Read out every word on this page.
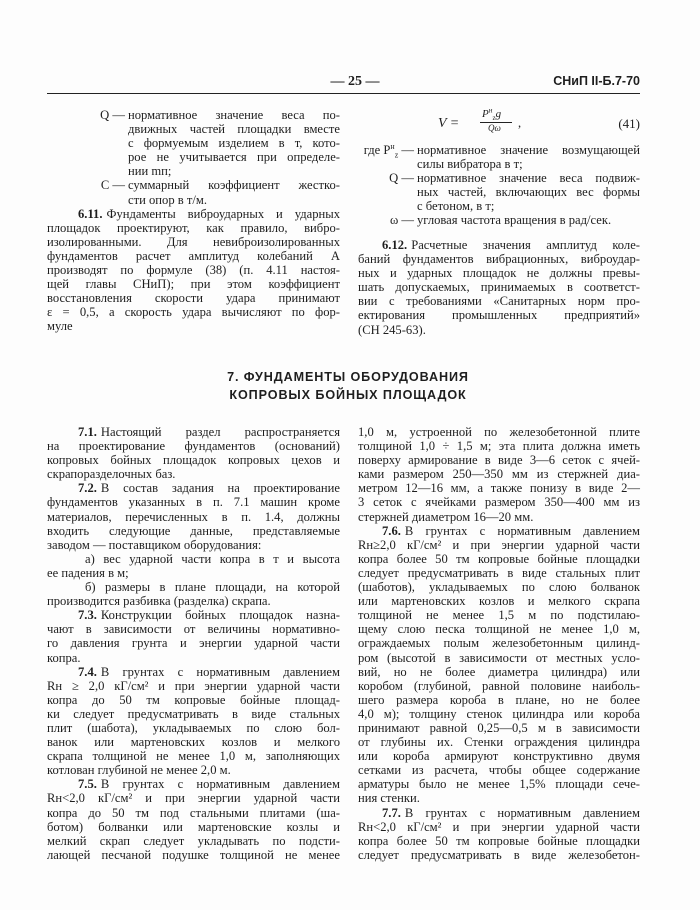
— 25 —	СНиП II-Б.7-70
Q — нормативное значение веса по-
движных частей площадки вместе
с формуемым изделием в т, кото-
рое не учитывается при определе-
нии mп;
C — суммарный коэффициент жестко-
сти опор в т/м.
6.11. Фундаменты виброударных и ударных
площадок проектируют, как правило, вибро-
изолированными. Для невиброизолированных
фундаментов расчет амплитуд колебаний A
производят по формуле (38) (п. 4.11 настоя-
щей главы СНиП); при этом коэффициент
восстановления скорости удара принимают
ε = 0,5, а скорость удара вычисляют по фор-
муле
V =
$P^н_zg$
Qω ,	(41)
где $P^н_z$ — нормативное значение возмущающей
силы вибратора в т;
Q — нормативное значение веса подвиж-
ных частей, включающих вес формы
с бетоном, в т;
ω — угловая частота вращения в рад/сек.
6.12. Расчетные значения амплитуд коле-
баний фундаментов вибрационных, виброудар-
ных и ударных площадок не должны превы-
шать допускаемых, принимаемых в соответст-
вии с требованиями «Санитарных норм про-
ектирования промышленных предприятий»
(СН 245-63).
7. ФУНДАМЕНТЫ ОБОРУДОВАНИЯ
КОПРОВЫХ БОЙНЫХ ПЛОЩАДОК
7.1. Настоящий раздел распространяется
на проектирование фундаментов (оснований)
копровых бойных площадок копровых цехов и
скрапоразделочных баз.
7.2. В состав задания на проектирование
фундаментов указанных в п. 7.1 машин кроме
материалов, перечисленных в п. 1.4, должны
входить следующие данные, представляемые
заводом — поставщиком оборудования:
а) вес ударной части копра в т и высота
ее падения в м;
б) размеры в плане площади, на которой
производится разбивка (разделка) скрапа.
7.3. Конструкции бойных площадок назна-
чают в зависимости от величины нормативно-
го давления грунта и энергии ударной части
копра.
7.4. В грунтах с нормативным давлением
Rн ≥ 2,0 кГ/см² и при энергии ударной части
копра до 50 тм копровые бойные площад-
ки следует предусматривать в виде стальных
плит (шабота), укладываемых по слою бол-
ванок или мартеновских козлов и мелкого
скрапа толщиной не менее 1,0 м, заполняющих
котлован глубиной не менее 2,0 м.
7.5. В грунтах с нормативным давлением
Rн<2,0 кГ/см² и при энергии ударной части
копра до 50 тм под стальными плитами (ша-
ботом) болванки или мартеновские козлы и
мелкий скрап следует укладывать по подсти-
лающей песчаной подушке толщиной не менее
1,0 м, устроенной по железобетонной плите
толщиной 1,0 ÷ 1,5 м; эта плита должна иметь
поверху армирование в виде 3—6 сеток с ячей-
ками размером 250—350 мм из стержней диа-
метром 12—16 мм, а также понизу в виде 2—
3 сеток с ячейками размером 350—400 мм из
стержней диаметром 16—20 мм.
7.6. В грунтах с нормативным давлением
Rн≥2,0 кГ/см² и при энергии ударной части
копра более 50 тм копровые бойные площадки
следует предусматривать в виде стальных плит
(шаботов), укладываемых по слою болванок
или мартеновских козлов и мелкого скрапа
толщиной не менее 1,5 м по подстилаю-
щему слою песка толщиной не менее 1,0 м,
ограждаемых полым железобетонным цилинд-
ром (высотой в зависимости от местных усло-
вий, но не более диаметра цилиндра) или
коробом (глубиной, равной половине наиболь-
шего размера короба в плане, но не более
4,0 м); толщину стенок цилиндра или короба
принимают равной 0,25—0,5 м в зависимости
от глубины их. Стенки ограждения цилиндра
или короба армируют конструктивно двумя
сетками из расчета, чтобы общее содержание
арматуры было не менее 1,5% площади сече-
ния стенки.
7.7. В грунтах с нормативным давлением
Rн<2,0 кГ/см² и при энергии ударной части
копра более 50 тм копровые бойные площадки
следует предусматривать в виде железобетон-
